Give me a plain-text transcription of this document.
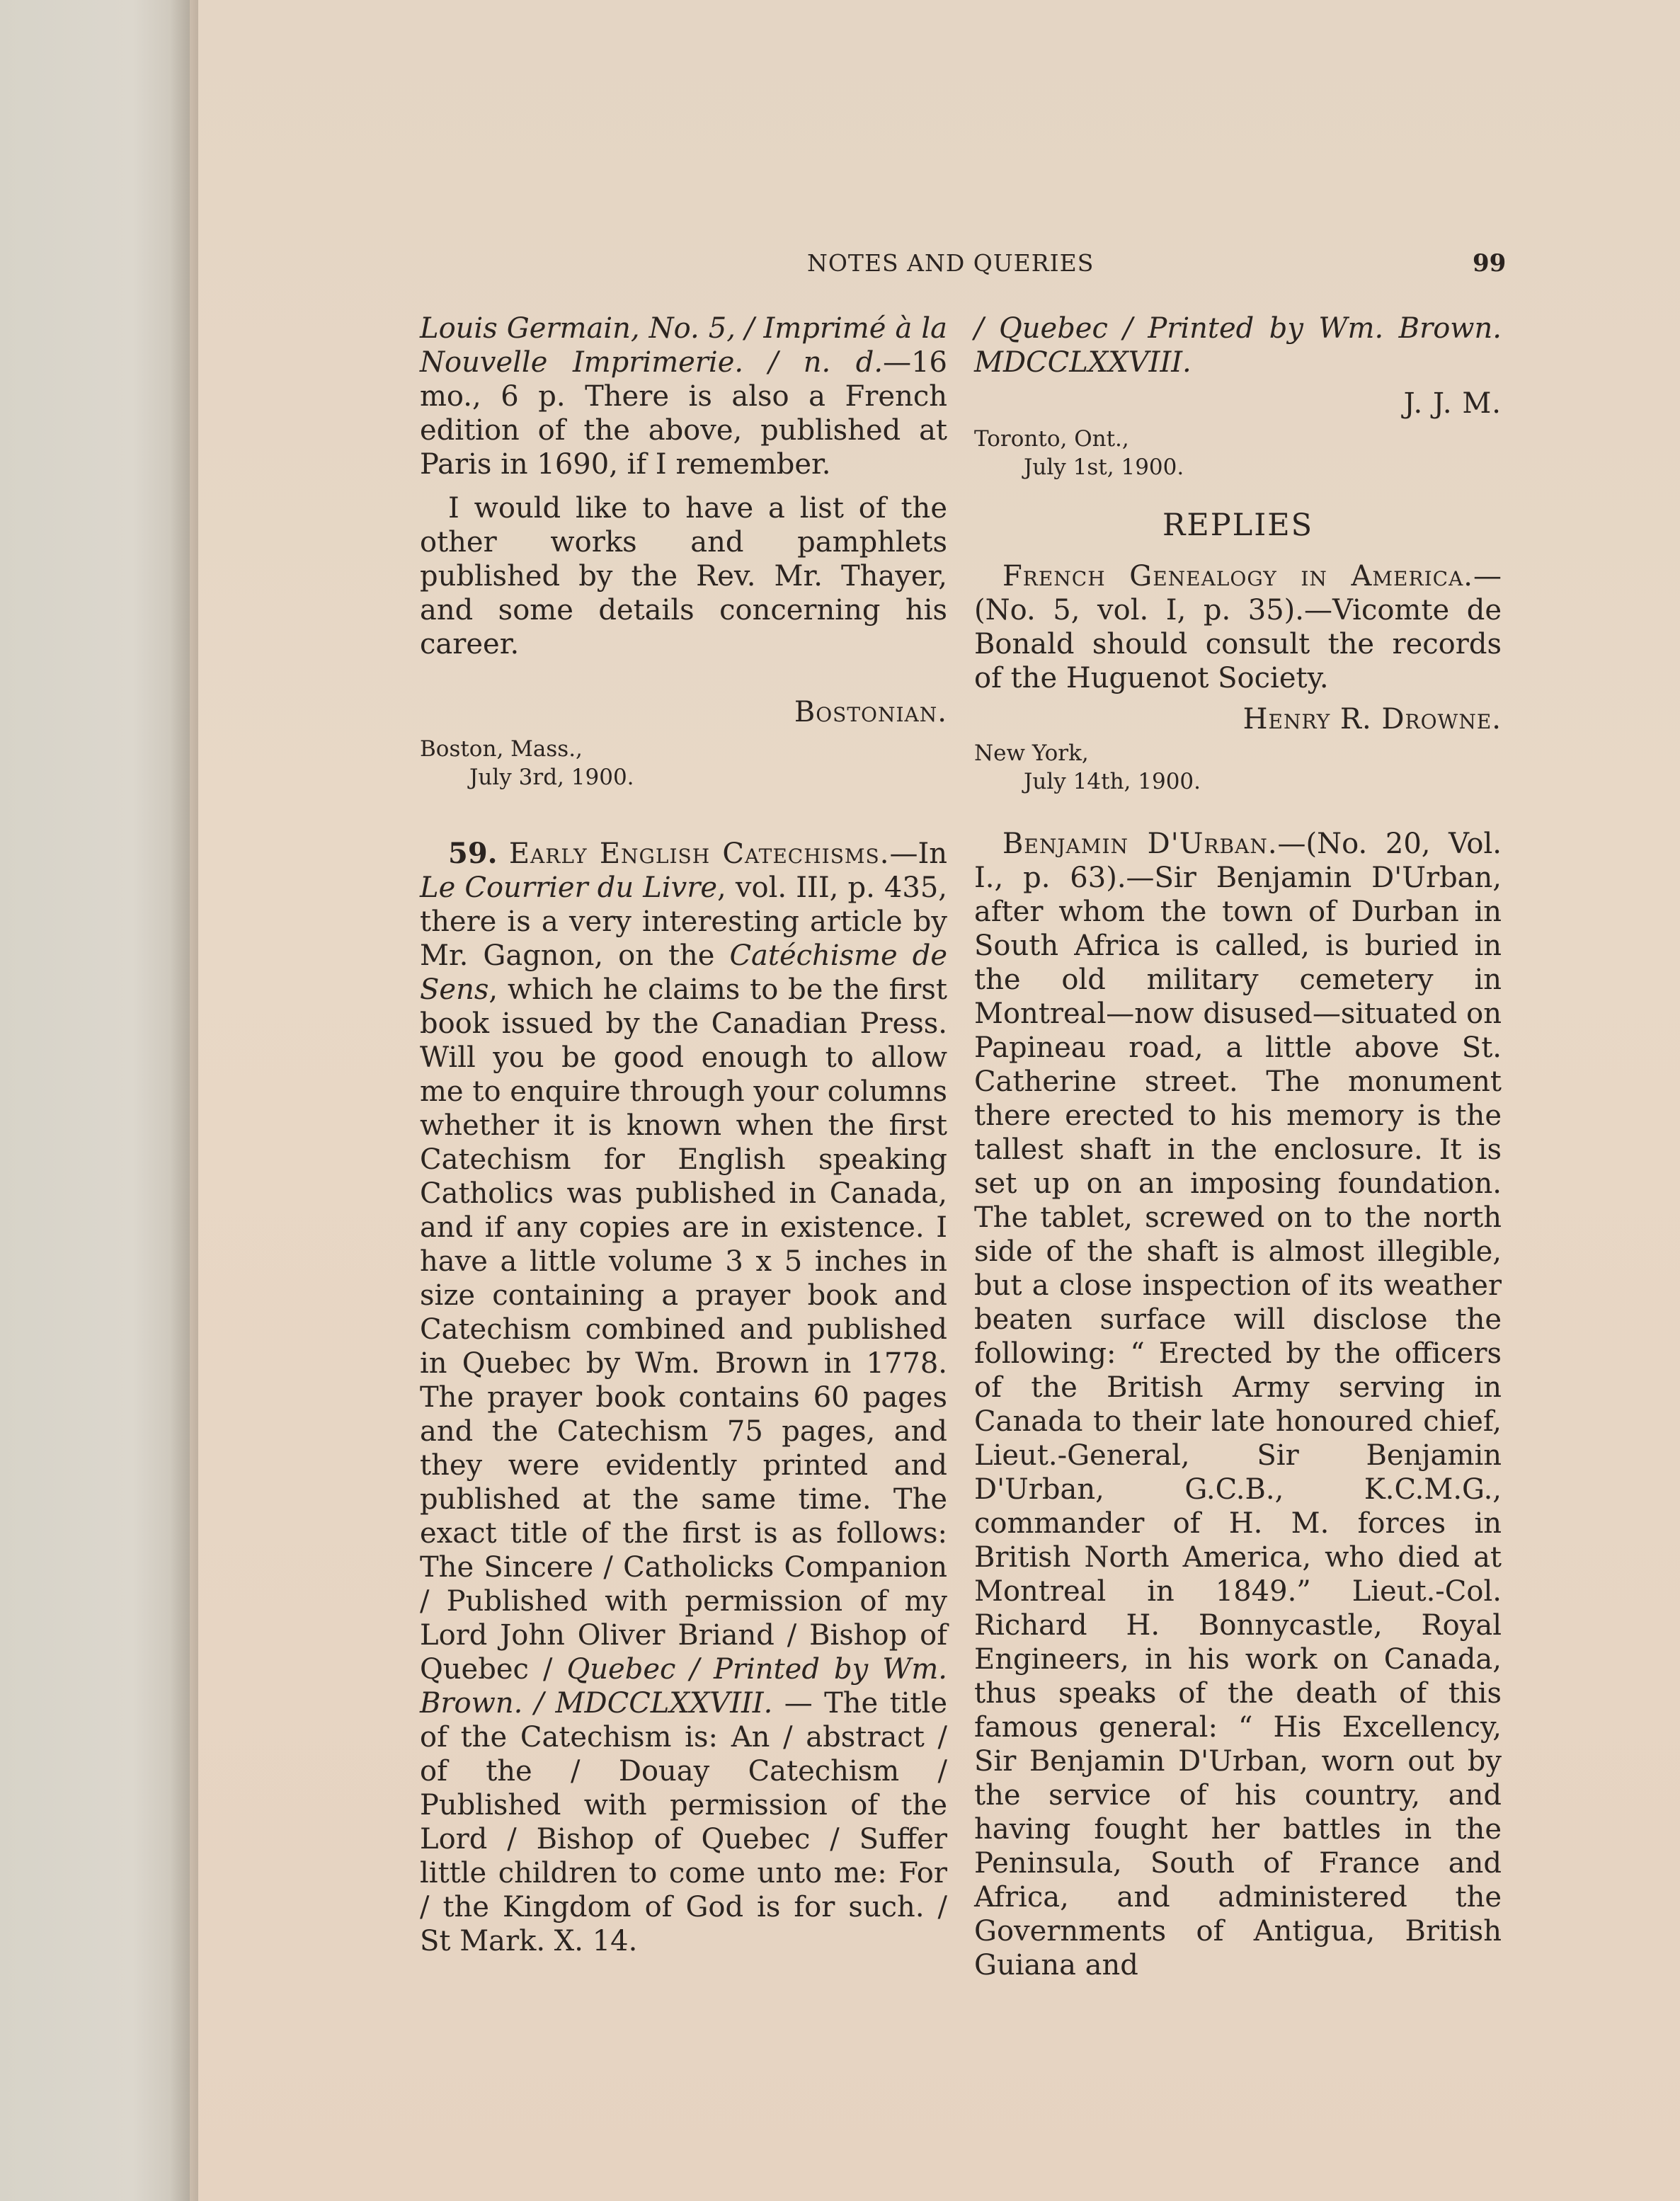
NOTES AND QUERIES	99

Louis Germain, No. 5, / Imprimé à la Nouvelle Imprimerie. / n. d.—16 mo., 6 p. There is also a French edition of the above, published at Paris in 1690, if I remember.

I would like to have a list of the other works and pamphlets published by the Rev. Mr. Thayer, and some details concerning his career.

Bostonian.

Boston, Mass.,

July 3rd, 1900.

59. Early English Catechisms.—In Le Courrier du Livre, vol. III, p. 435, there is a very interesting article by Mr. Gagnon, on the Catéchisme de Sens, which he claims to be the first book issued by the Canadian Press. Will you be good enough to allow me to enquire through your columns whether it is known when the first Catechism for English speaking Catholics was published in Canada, and if any copies are in existence. I have a little volume 3 x 5 inches in size containing a prayer book and Catechism combined and published in Quebec by Wm. Brown in 1778. The prayer book contains 60 pages and the Catechism 75 pages, and they were evidently printed and published at the same time. The exact title of the first is as follows: The Sincere / Catholicks Companion / Published with permission of my Lord John Oliver Briand / Bishop of Quebec / Quebec / Printed by Wm. Brown. / MDCCLXXVIII. — The title of the Catechism is: An / abstract / of the / Douay Catechism / Published with permission of the Lord / Bishop of Quebec / Suffer little children to come unto me: For / the Kingdom of God is for such. / St Mark. X. 14.

/ Quebec / Printed by Wm. Brown. MDCCLXXVIII.

J. J. M.

Toronto, Ont.,

July 1st, 1900.

REPLIES

French Genealogy in America.—(No. 5, vol. I, p. 35).—Vicomte de Bonald should consult the records of the Huguenot Society.

Henry R. Drowne.

New York,

July 14th, 1900.

Benjamin D'Urban.—(No. 20, Vol. I., p. 63).—Sir Benjamin D'Urban, after whom the town of Durban in South Africa is called, is buried in the old military cemetery in Montreal—now disused—situated on Papineau road, a little above St. Catherine street. The monument there erected to his memory is the tallest shaft in the enclosure. It is set up on an imposing foundation. The tablet, screwed on to the north side of the shaft is almost illegible, but a close inspection of its weather beaten surface will disclose the following: “ Erected by the officers of the British Army serving in Canada to their late honoured chief, Lieut.-General, Sir Benjamin D'Urban, G.C.B., K.C.M.G., commander of H. M. forces in British North America, who died at Montreal in 1849.” Lieut.-Col. Richard H. Bonnycastle, Royal Engineers, in his work on Canada, thus speaks of the death of this famous general: “ His Excellency, Sir Benjamin D'Urban, worn out by the service of his country, and having fought her battles in the Peninsula, South of France and Africa, and administered the Governments of Antigua, British Guiana and
